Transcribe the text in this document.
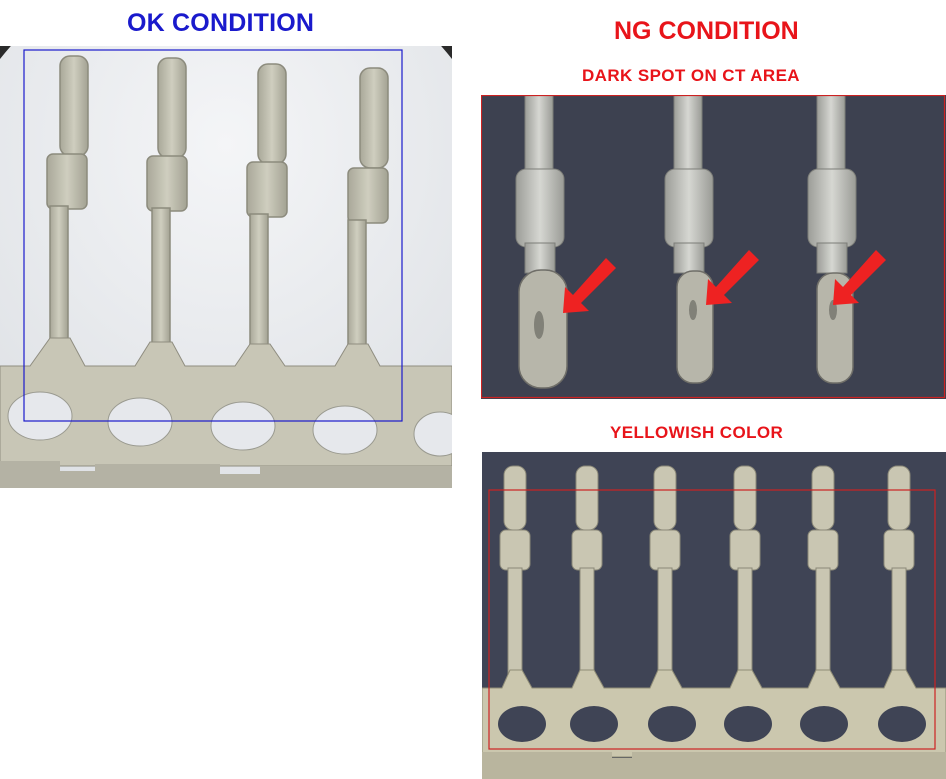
OK CONDITION	NG CONDITION
DARK SPOT ON CT AREA
YELLOWISH COLOR
